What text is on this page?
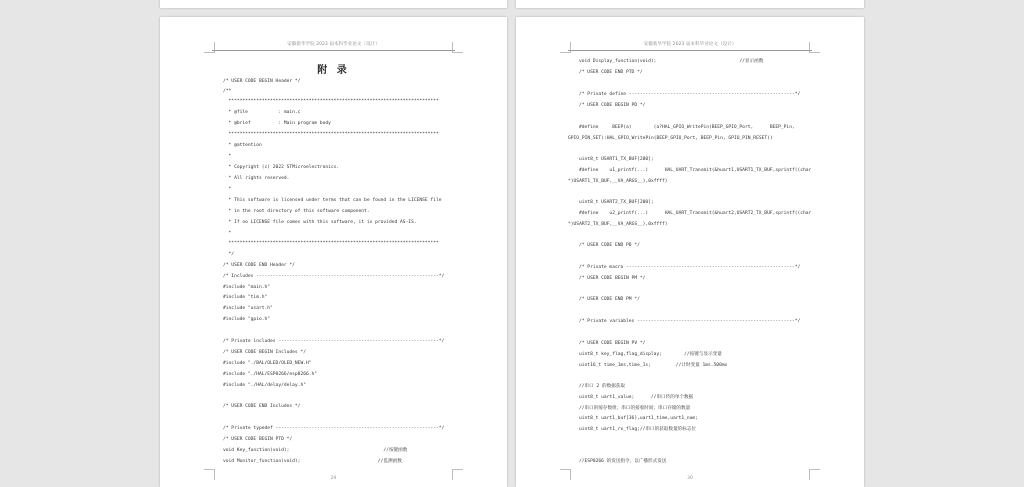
安徽新华学院 2023 届本科毕业论文（设计）
附 录
/* USER CODE BEGIN Header */
/**
****************************************************************************
* @file           : main.c
* @brief          : Main program body
****************************************************************************
* @attention
*
* Copyright (c) 2022 STMicroelectronics.
* All rights reserved.
*
* This software is licensed under terms that can be found in the LICENSE file
* in the root directory of this software component.
* If no LICENSE file comes with this software, it is provided AS-IS.
*
****************************************************************************
*/
/* USER CODE END Header */
/* Includes ------------------------------------------------------------------*/
#include "main.h"
#include "tim.h"
#include "usart.h"
#include "gpio.h"
/* Private includes ----------------------------------------------------------*/
/* USER CODE BEGIN Includes */
#include "./BAL/OLED/OLED_NEW.H"
#include "./HAL/ESP8266/esp8266.h"
#include "./HAL/delay/delay.h"
/* USER CODE END Includes */
/* Private typedef -----------------------------------------------------------*/
/* USER CODE BEGIN PTD */
void Key_function(void);                                  //按键函数
void Monitor_function(void);                            //监测函数
29
安徽新华学院 2023 届本科毕业论文（设计）
void Display_function(void);                              //显示函数
/* USER CODE END PTD */
/* Private define ------------------------------------------------------------*/
/* USER CODE BEGIN PD */
#define     BEEP(a)        (a?HAL_GPIO_WritePin(BEEP_GPIO_Port,      BEEP_Pin,
GPIO_PIN_SET):HAL_GPIO_WritePin(BEEP_GPIO_Port, BEEP_Pin, GPIO_PIN_RESET))
uint8_t USART1_TX_BUF[200];
#define    u1_printf(...)      HAL_UART_Transmit(&huart1,USART1_TX_BUF,sprintf((char
*)USART1_TX_BUF,__VA_ARGS__),0xffff)
uint8_t USART2_TX_BUF[200];
#define    u2_printf(...)      HAL_UART_Transmit(&huart2,USART2_TX_BUF,sprintf((char
*)USART2_TX_BUF,__VA_ARGS__),0xffff)
/* USER CODE END PD */
/* Private macro -------------------------------------------------------------*/
/* USER CODE BEGIN PM */
/* USER CODE END PM */
/* Private variables ---------------------------------------------------------*/
/* USER CODE BEGIN PV */
uint8_t key_flag,flag_display;        //按键与显示变量
uint16_t time_1ms,time_1s;         //计时变量 1ms.500ms
//串口 2 的数据获取
uint8_t uart1_value;      //串口传的单个数据
//串口的缓存数组；串口的接收时间；串口存储的数量
uint8_t uart1_buf[36],uart1_time,uart1_num;
uint8_t uart1_rx_flag;//串口的获取数量的标志位
//ESP8266 的发送指令，以广播形式发送
30
